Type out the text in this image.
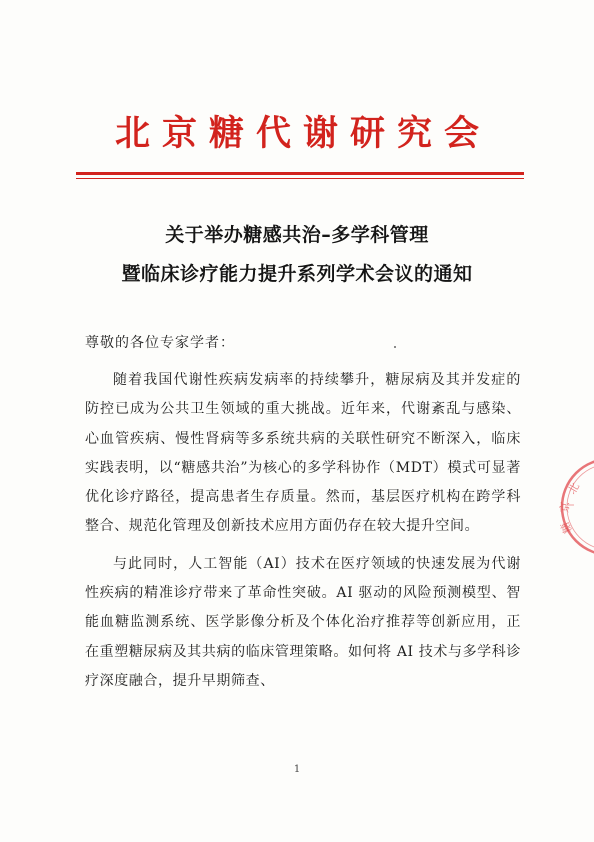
北京糖代谢研究会
关于举办糖感共治–多学科管理
暨临床诊疗能力提升系列学术会议的通知
尊敬的各位专家学者：

随着我国代谢性疾病发病率的持续攀升，糖尿病及其并发症的防控已成为公共卫生领域的重大挑战。近年来，代谢紊乱与感染、心血管疾病、慢性肾病等多系统共病的关联性研究不断深入，临床实践表明，以“糖感共治”为核心的多学科协作（MDT）模式可显著优化诊疗路径，提高患者生存质量。然而，基层医疗机构在跨学科整合、规范化管理及创新技术应用方面仍存在较大提升空间。

与此同时，人工智能（AI）技术在医疗领域的快速发展为代谢性疾病的精准诊疗带来了革命性突破。AI 驱动的风险预测模型、智能血糖监测系统、医学影像分析及个体化治疗推荐等创新应用，正在重塑糖尿病及其共病的临床管理策略。如何将 AI 技术与多学科诊疗深度融合，提升早期筛查、

1
北
京
糖
